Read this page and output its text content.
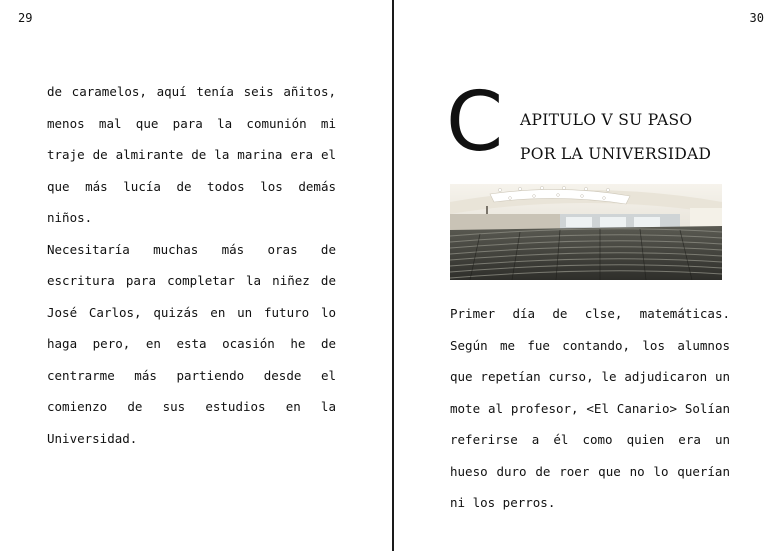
29

de caramelos, aquí tenía seis añitos, menos mal que para la comunión mi traje de almirante de la marina era el que más lucía de todos los demás niños.

Necesitaría muchas más oras de escritura para completar la niñez de José Carlos, quizás en un futuro lo haga pero, en esta ocasión he de centrarme más partiendo desde el comienzo de sus estudios en la Universidad.

30
C APITULO V SU PASO
POR LA UNIVERSIDAD

Primer día de clse, matemáticas. Según me fue contando, los alumnos que repetían curso, le adjudicaron un mote al profesor, <El Canario> Solían referirse a él como quien era un hueso duro de roer que no lo querían ni los perros.
